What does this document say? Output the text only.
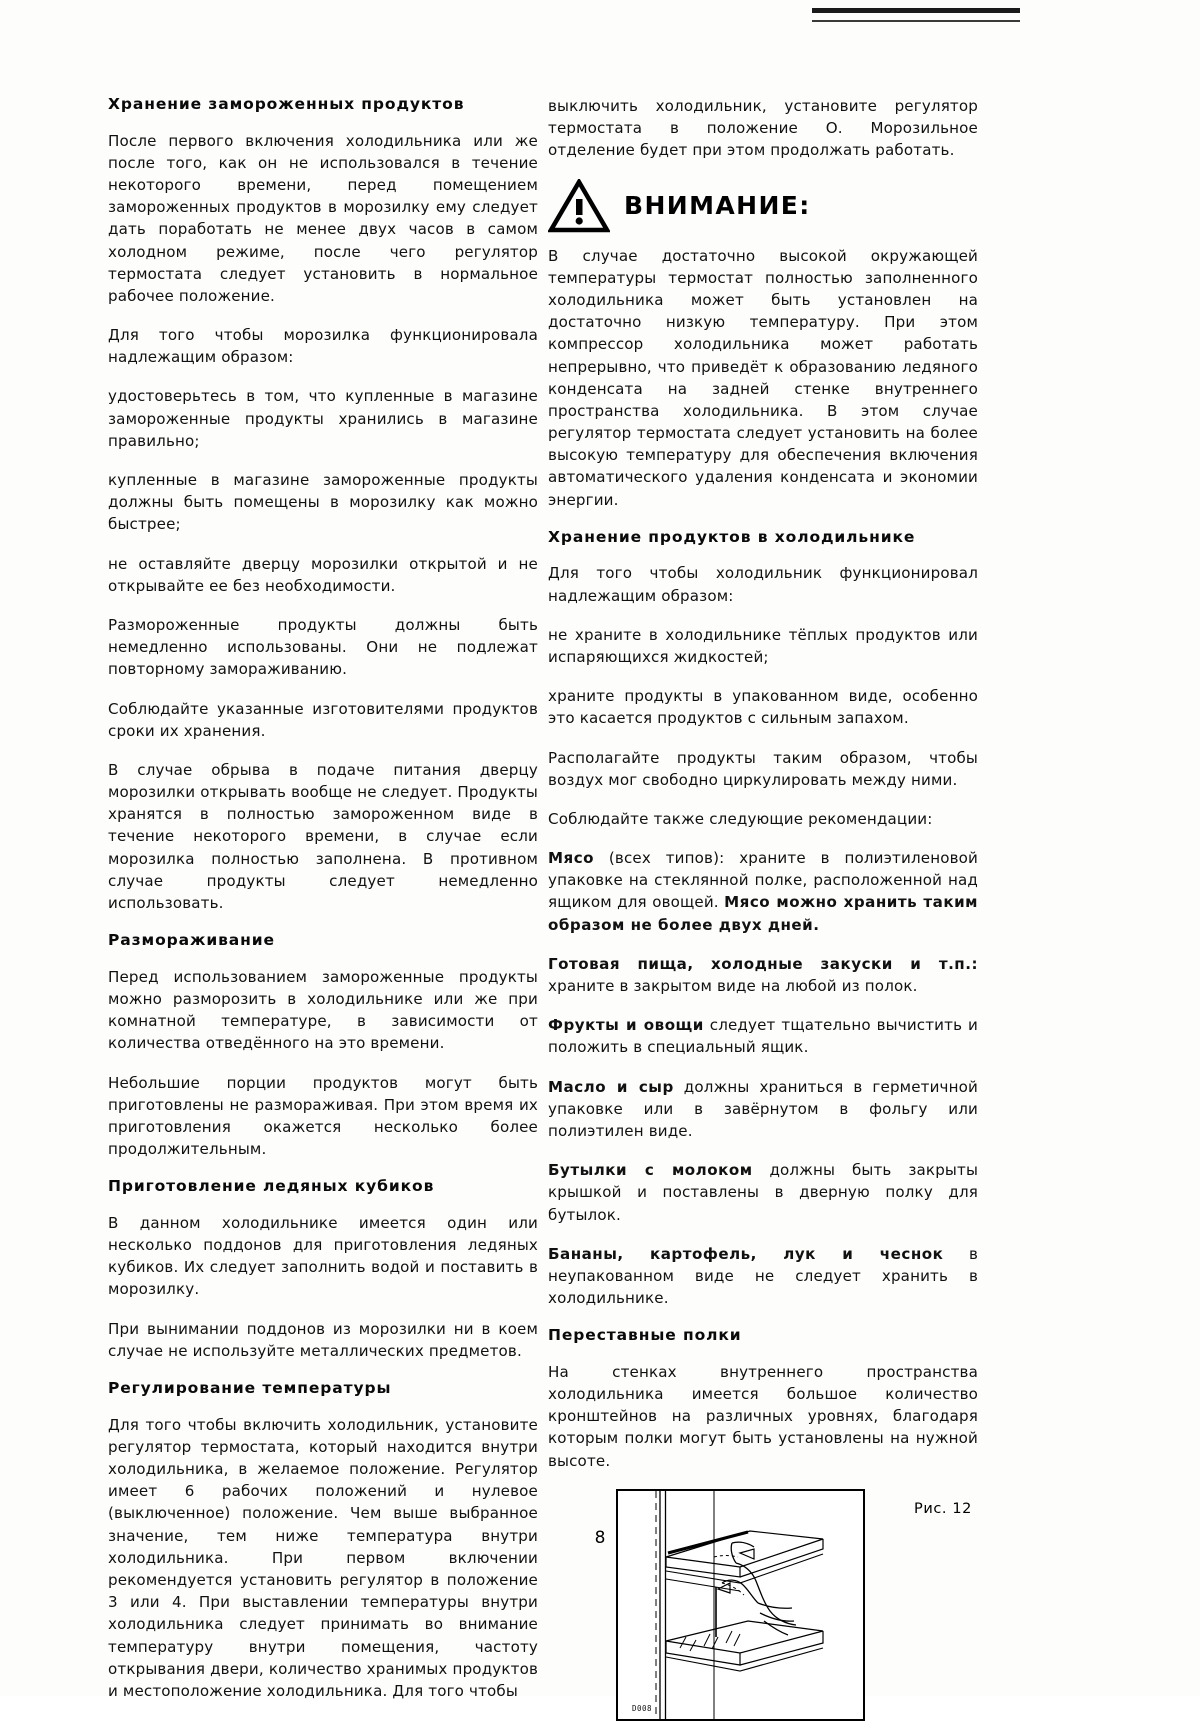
Хранение замороженных продуктов

После первого включения холодильника или же после того, как он не использовался в течение некоторого времени, перед помещением замороженных продуктов в морозилку ему следует дать поработать не менее двух часов в самом холодном режиме, после чего регулятор термостата следует установить в нормальное рабочее положение.

Для того чтобы морозилка функционировала надлежащим образом:

удостоверьтесь в том, что купленные в магазине замороженные продукты хранились в магазине правильно;

купленные в магазине замороженные продукты должны быть помещены в морозилку как можно быстрее;

не оставляйте дверцу морозилки открытой и не открывайте ее без необходимости.

Размороженные продукты должны быть немедленно использованы. Они не подлежат повторному замораживанию.

Соблюдайте указанные изготовителями продуктов сроки их хранения.

В случае обрыва в подаче питания дверцу морозилки открывать вообще не следует. Продукты хранятся в полностью замороженном виде в течение некоторого времени, в случае если морозилка полностью заполнена. В противном случае продукты следует немедленно использовать.

Размораживание

Перед использованием замороженные продукты можно разморозить в холодильнике или же при комнатной температуре, в зависимости от количества отведённого на это времени.

Небольшие порции продуктов могут быть приготовлены не размораживая. При этом время их приготовления окажется несколько более продолжительным.

Приготовление ледяных кубиков

В данном холодильнике имеется один или несколько поддонов для приготовления ледяных кубиков. Их следует заполнить водой и поставить в морозилку.

При вынимании поддонов из морозилки ни в коем случае не используйте металлических предметов.

Регулирование температуры

Для того чтобы включить холодильник, установите регулятор термостата, который находится внутри холодильника, в желаемое положение. Регулятор имеет 6 рабочих положений и нулевое (выключенное) положение. Чем выше выбранное значение, тем ниже температура внутри холодильника. При первом включении рекомендуется установить регулятор в положение 3 или 4. При выставлении температуры внутри холодильника следует принимать во внимание температуру внутри помещения, частоту открывания двери, количество хранимых продуктов и местоположение холодильника. Для того чтобы

выключить холодильник, установите регулятор термостата в положение О. Морозильное отделение будет при этом продолжать работать.

ВНИМАНИЕ:

В случае достаточно высокой окружающей температуры термостат полностью заполненного холодильника может быть установлен на достаточно низкую температуру. При этом компрессор холодильника может работать непрерывно, что приведёт к образованию ледяного конденсата на задней стенке внутреннего пространства холодильника. В этом случае регулятор термостата следует установить на более высокую температуру для обеспечения включения автоматического удаления конденсата и экономии энергии.

Хранение продуктов в холодильнике

Для того чтобы холодильник функционировал надлежащим образом:

не храните в холодильнике тёплых продуктов или испаряющихся жидкостей;

храните продукты в упакованном виде, особенно это касается продуктов с сильным запахом.

Располагайте продукты таким образом, чтобы воздух мог свободно циркулировать между ними.

Соблюдайте также следующие рекомендации:

Мясо (всех типов): храните в полиэтиленовой упаковке на стеклянной полке, расположенной над ящиком для овощей. Мясо можно хранить таким образом не более двух дней.

Готовая пища, холодные закуски и т.п.: храните в закрытом виде на любой из полок.

Фрукты и овощи следует тщательно вычистить и положить в специальный ящик.

Масло и сыр должны храниться в герметичной упаковке или в завёрнутом в фольгу или полиэтилен виде.

Бутылки с молоком должны быть закрыты крышкой и поставлены в дверную полку для бутылок.

Бананы, картофель, лук и чеснок в неупакованном виде не следует хранить в холодильнике.

Переставные полки

На стенках внутреннего пространства холодильника имеется большое количество кронштейнов на различных уровнях, благодаря которым полки могут быть установлены на нужной высоте.

Рис. 12
D008
8
